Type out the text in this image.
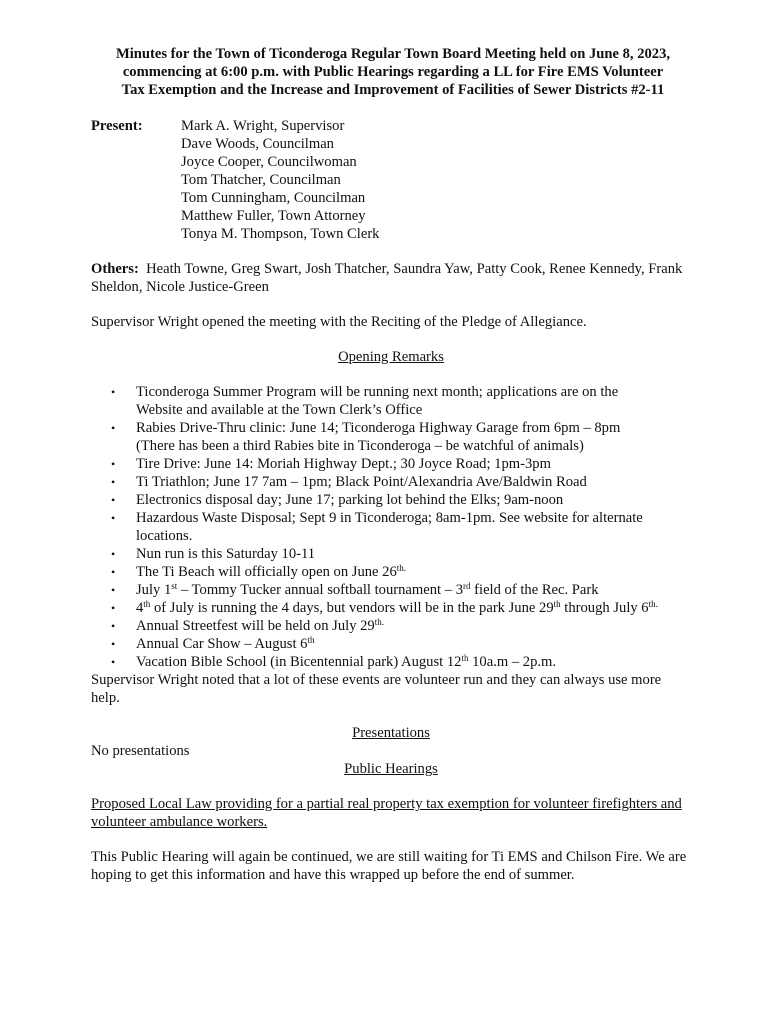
Minutes for the Town of Ticonderoga Regular Town Board Meeting held on June 8, 2023,
commencing at 6:00 p.m. with Public Hearings regarding a LL for Fire EMS Volunteer
Tax Exemption and the Increase and Improvement of Facilities of Sewer Districts #2-11
Present:	Mark A. Wright, Supervisor
Dave Woods, Councilman
Joyce Cooper, Councilwoman
Tom Thatcher, Councilman
Tom Cunningham, Councilman
Matthew Fuller, Town Attorney
Tonya M. Thompson, Town Clerk

Others: Heath Towne, Greg Swart, Josh Thatcher, Saundra Yaw, Patty Cook, Renee Kennedy, Frank Sheldon, Nicole Justice-Green

Supervisor Wright opened the meeting with the Reciting of the Pledge of Allegiance.

Opening Remarks
• Ticonderoga Summer Program will be running next month; applications are on the
Website and available at the Town Clerk’s Office
• Rabies Drive-Thru clinic: June 14; Ticonderoga Highway Garage from 6pm – 8pm
(There has been a third Rabies bite in Ticonderoga – be watchful of animals)
• Tire Drive: June 14: Moriah Highway Dept.; 30 Joyce Road; 1pm-3pm
• Ti Triathlon; June 17 7am – 1pm; Black Point/Alexandria Ave/Baldwin Road
• Electronics disposal day; June 17; parking lot behind the Elks; 9am-noon
• Hazardous Waste Disposal; Sept 9 in Ticonderoga; 8am-1pm. See website for alternate
locations.
• Nun run is this Saturday 10-11
• The Ti Beach will officially open on June $26^{th.}$
• July 1st – Tommy Tucker annual softball tournament – 3rd field of the Rec. Park
• 4th of July is running the 4 days, but vendors will be in the park June 29th through July $6^{th.}$
• Annual Streetfest will be held on July $29^{th.}$
• Annual Car Show – August 6th
• Vacation Bible School (in Bicentennial park) August 12th 10a.m – 2p.m.

Supervisor Wright noted that a lot of these events are volunteer run and they can always use more help.

Presentations

No presentations

Public Hearings

Proposed Local Law providing for a partial real property tax exemption for volunteer firefighters and volunteer ambulance workers.

This Public Hearing will again be continued, we are still waiting for Ti EMS and Chilson Fire. We are hoping to get this information and have this wrapped up before the end of summer.
